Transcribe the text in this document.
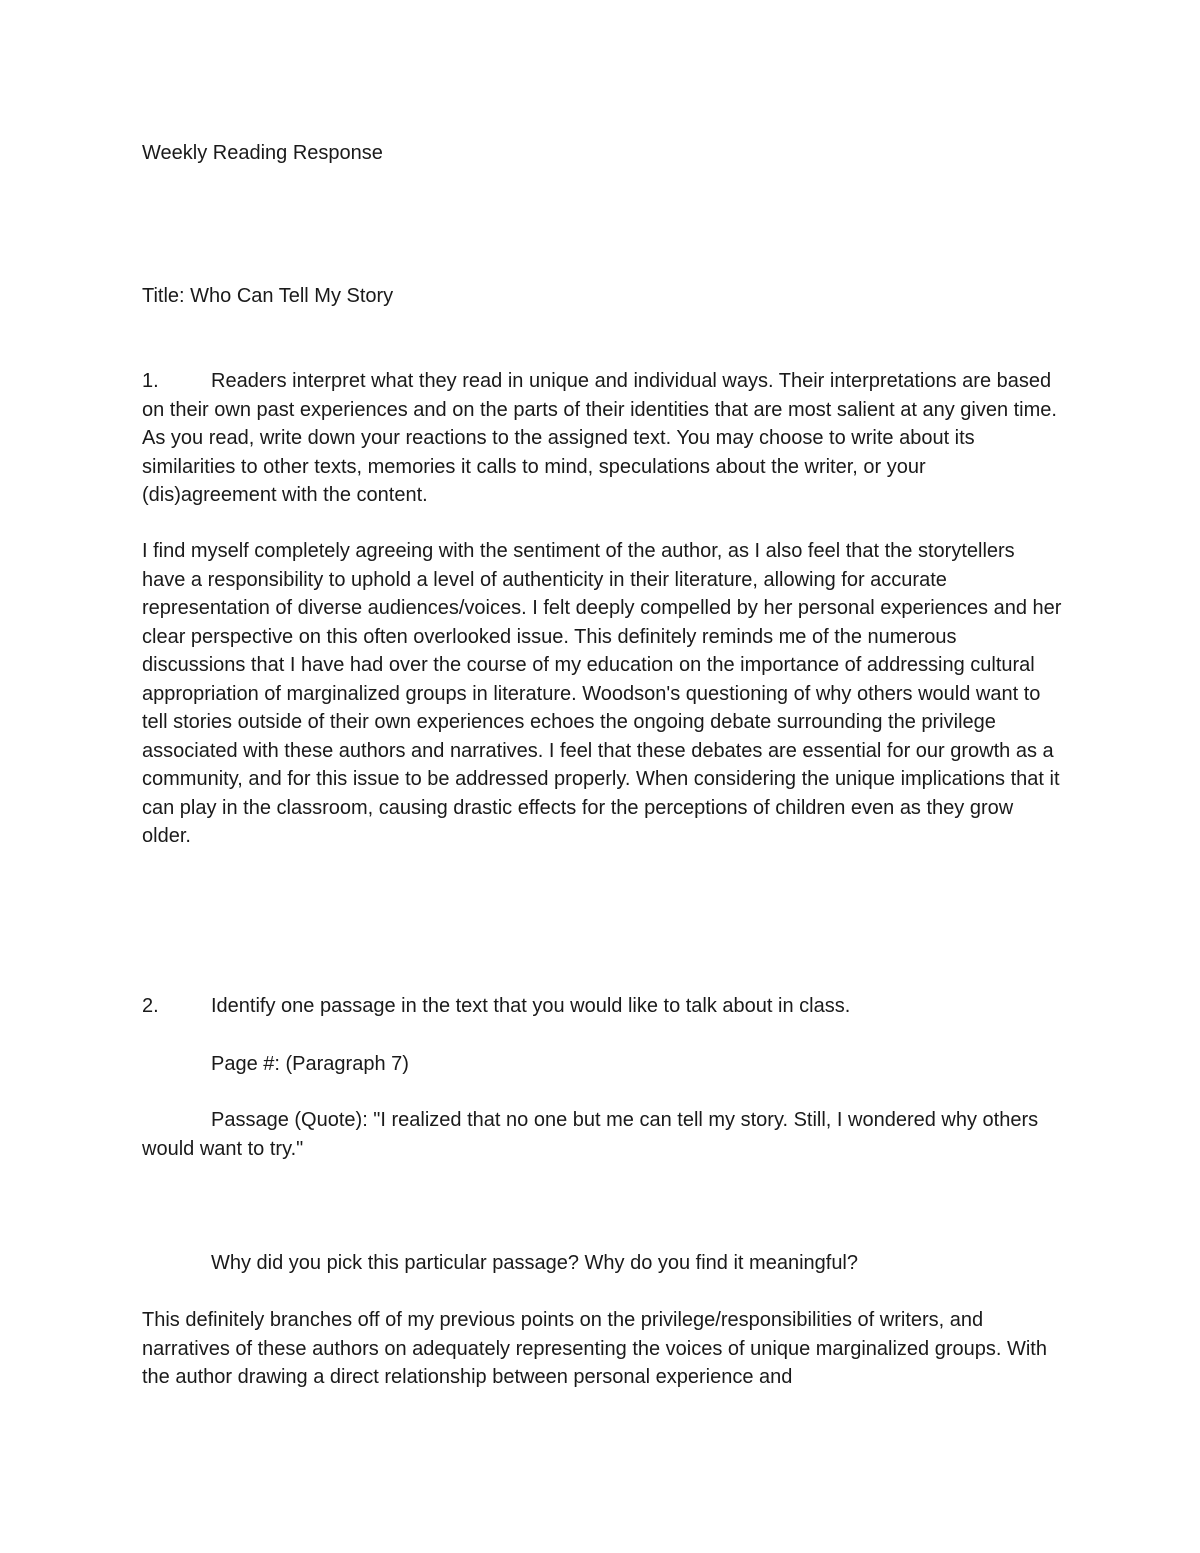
Weekly Reading Response

Title: Who Can Tell My Story

1.	Readers interpret what they read in unique and individual ways. Their interpretations are based on their own past experiences and on the parts of their identities that are most salient at any given time. As you read, write down your reactions to the assigned text. You may choose to write about its similarities to other texts, memories it calls to mind, speculations about the writer, or your (dis)agreement with the content.

I find myself completely agreeing with the sentiment of the author, as I also feel that the storytellers have a responsibility to uphold a level of authenticity in their literature, allowing for accurate representation of diverse audiences/voices. I felt deeply compelled by her personal experiences and her clear perspective on this often overlooked issue. This definitely reminds me of the numerous discussions that I have had over the course of my education on the importance of addressing cultural appropriation of marginalized groups in literature. Woodson's questioning of why others would want to tell stories outside of their own experiences echoes the ongoing debate surrounding the privilege associated with these authors and narratives. I feel that these debates are essential for our growth as a community, and for this issue to be addressed properly. When considering the unique implications that it can play in the classroom, causing drastic effects for the perceptions of children even as they grow older.

2.	Identify one passage in the text that you would like to talk about in class.

Page #: (Paragraph 7)

Passage (Quote): "I realized that no one but me can tell my story. Still, I wondered why others would want to try."

Why did you pick this particular passage? Why do you find it meaningful?

This definitely branches off of my previous points on the privilege/responsibilities of writers, and narratives of these authors on adequately representing the voices of unique marginalized groups. With the author drawing a direct relationship between personal experience and
